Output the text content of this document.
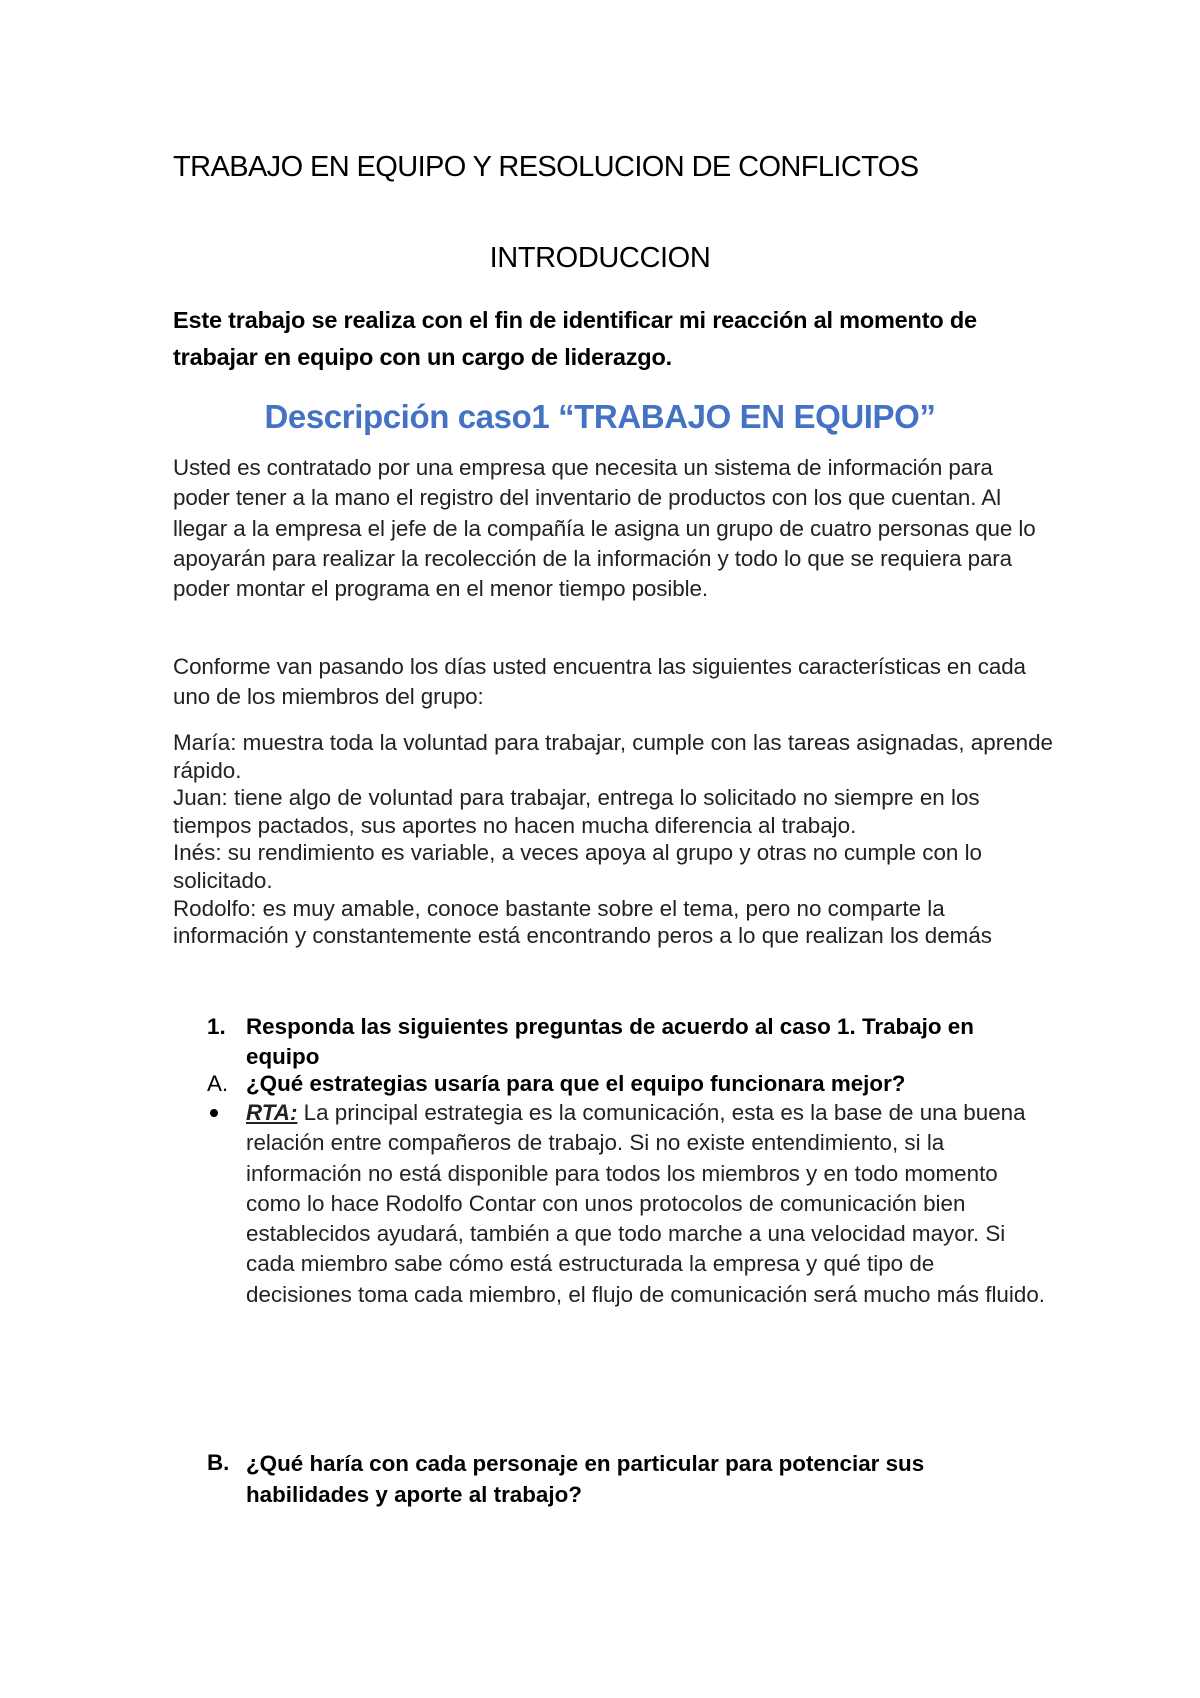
TRABAJO EN EQUIPO Y RESOLUCION DE CONFLICTOS
INTRODUCCION
Este trabajo se realiza con el fin de identificar mi reacción al momento de trabajar en equipo con un cargo de liderazgo.
Descripción caso1 “TRABAJO EN EQUIPO”
Usted es contratado por una empresa que necesita un sistema de información para poder tener a la mano el registro del inventario de productos con los que cuentan. Al llegar a la empresa el jefe de la compañía le asigna un grupo de cuatro personas que lo apoyarán para realizar la recolección de la información y todo lo que se requiera para poder montar el programa en el menor tiempo posible.
Conforme van pasando los días usted encuentra las siguientes características en cada uno de los miembros del grupo:
María: muestra toda la voluntad para trabajar, cumple con las tareas asignadas, aprende rápido.
Juan: tiene algo de voluntad para trabajar, entrega lo solicitado no siempre en los tiempos pactados, sus aportes no hacen mucha diferencia al trabajo.
Inés: su rendimiento es variable, a veces apoya al grupo y otras no cumple con lo solicitado.
Rodolfo: es muy amable, conoce bastante sobre el tema, pero no comparte la información y constantemente está encontrando peros a lo que realizan los demás
1. Responda las siguientes preguntas de acuerdo al caso 1. Trabajo en equipo
A. ¿Qué estrategias usaría para que el equipo funcionara mejor?
RTA: La principal estrategia es la comunicación, esta es la base de una buena relación entre compañeros de trabajo. Si no existe entendimiento, si la información no está disponible para todos los miembros y en todo momento como lo hace Rodolfo Contar con unos protocolos de comunicación bien establecidos ayudará, también a que todo marche a una velocidad mayor. Si cada miembro sabe cómo está estructurada la empresa y qué tipo de decisiones toma cada miembro, el flujo de comunicación será mucho más fluido.
B. ¿Qué haría con cada personaje en particular para potenciar sus habilidades y aporte al trabajo?
